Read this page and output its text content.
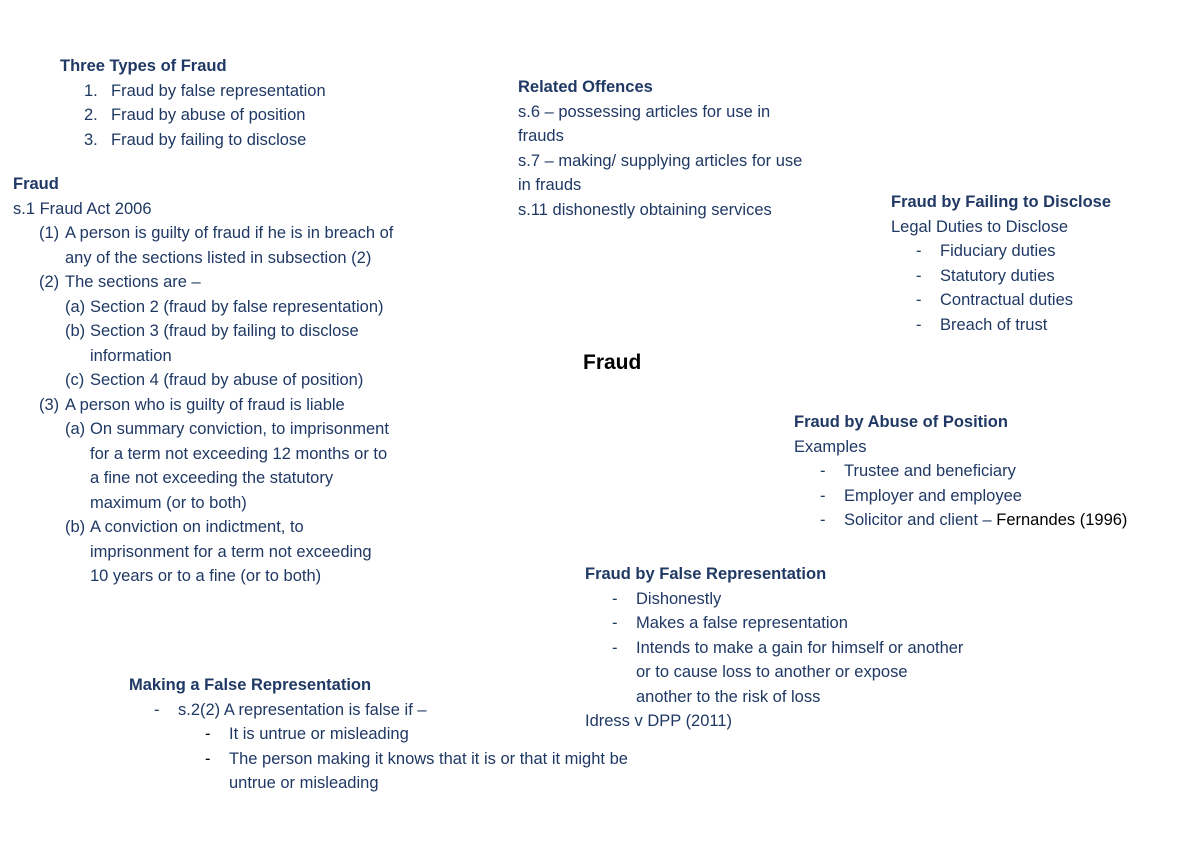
Three Types of Fraud
1. Fraud by false representation
2. Fraud by abuse of position
3. Fraud by failing to disclose
Fraud
s.1 Fraud Act 2006
(1) A person is guilty of fraud if he is in breach of
any of the sections listed in subsection (2)
(2) The sections are –
(a) Section 2 (fraud by false representation)
(b) Section 3 (fraud by failing to disclose
information
(c) Section 4 (fraud by abuse of position)
(3) A person who is guilty of fraud is liable
(a) On summary conviction, to imprisonment
for a term not exceeding 12 months or to
a fine not exceeding the statutory
maximum (or to both)
(b) A conviction on indictment, to
imprisonment for a term not exceeding
10 years or to a fine (or to both)
Related Offences
s.6 – possessing articles for use in
frauds
s.7 – making/ supplying articles for use
in frauds
s.11 dishonestly obtaining services	Fraud by Failing to Disclose
Legal Duties to Disclose
- Fiduciary duties
- Statutory duties
- Contractual duties
- Breach of trust
Fraud
Fraud by Abuse of Position
Examples
- Trustee and beneficiary
- Employer and employee
- Solicitor and client – Fernandes (1996)
Fraud by False Representation
- Dishonestly
- Makes a false representation
-	Intends to make a gain for himself or another
or to cause loss to another or expose
another to the risk of loss
Idress v DPP (2011)
Making a False Representation
- s.2(2) A representation is false if –
- It is untrue or misleading
-	The person making it knows that it is or that it might be
untrue or misleading
